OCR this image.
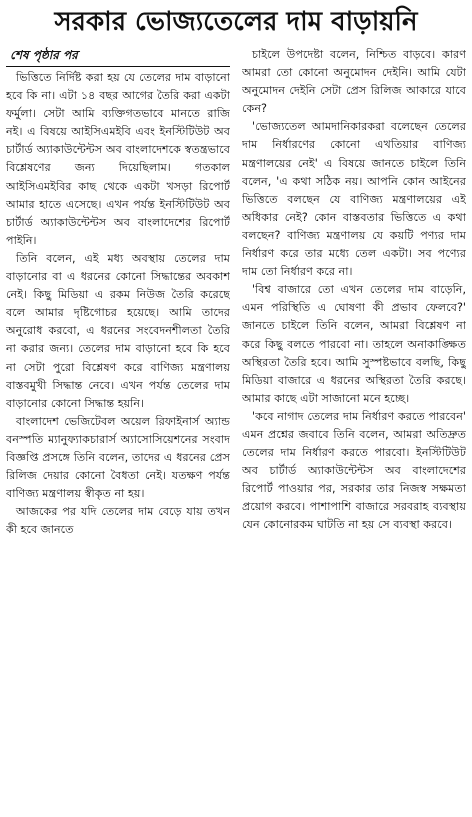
সরকার ভোজ্যতেলের দাম বাড়ায়নি
শেষ পৃষ্ঠার পর

ভিত্তিতে নির্দিষ্ট করা হয় যে তেলের দাম বাড়ানো হবে কি না। এটা ১৪ বছর আগের তৈরি করা একটা ফর্মুলা। সেটা আমি ব্যক্তিগতভাবে মানতে রাজি নই। এ বিষয়ে আইসিএমইবি এবং ইনস্টিটিউট অব চার্টার্ড অ্যাকাউন্টেন্টস অব বাংলাদেশকে স্বতন্ত্রভাবে বিশ্লেষণের জন্য দিয়েছিলাম। গতকাল আইসিএমইবির কাছ থেকে একটা খসড়া রিপোর্ট আমার হাতে এসেছে। এখন পর্যন্ত ইনস্টিটিউট অব চার্টার্ড অ্যাকাউন্টেন্টস অব বাংলাদেশের রিপোর্ট পাইনি।

তিনি বলেন, এই মধ্য অবস্থায় তেলের দাম বাড়ানোর বা এ ধরনের কোনো সিদ্ধান্তের অবকাশ নেই। কিছু মিডিয়া এ রকম নিউজ তৈরি করেছে বলে আমার দৃষ্টিগোচর হয়েছে। আমি তাদের অনুরোধ করবো, এ ধরনের সংবেদনশীলতা তৈরি না করার জন্য। তেলের দাম বাড়ানো হবে কি হবে না সেটা পুরো বিশ্লেষণ করে বাণিজ্য মন্ত্রণালয় বাস্তবমুখী সিদ্ধান্ত নেবে। এখন পর্যন্ত তেলের দাম বাড়ানোর কোনো সিদ্ধান্ত হয়নি।

বাংলাদেশ ভেজিটেবল অয়েল রিফাইনার্স অ্যান্ড বনস্পতি ম্যানুফ্যাকচারার্স অ্যাসোসিয়েশনের সংবাদ বিজ্ঞপ্তি প্রসঙ্গে তিনি বলেন, তাদের এ ধরনের প্রেস রিলিজ দেয়ার কোনো বৈধতা নেই। যতক্ষণ পর্যন্ত বাণিজ্য মন্ত্রণালয় স্বীকৃত না হয়।

আজকের পর যদি তেলের দাম বেড়ে যায় তখন কী হবে জানতে

চাইলে উপদেষ্টা বলেন, নিশ্চিত বাড়বে। কারণ আমরা তো কোনো অনুমোদন দেইনি। আমি যেটা অনুমোদন দেইনি সেটা প্রেস রিলিজ আকারে যাবে কেন?

'ভোজ্যতেল আমদানিকারকরা বলেছেন তেলের দাম নির্ধারণের কোনো এখতিয়ার বাণিজ্য মন্ত্রণালয়ের নেই' এ বিষয়ে জানতে চাইলে তিনি বলেন, 'এ কথা সঠিক নয়। আপনি কোন আইনের ভিত্তিতে বলছেন যে বাণিজ্য মন্ত্রণালয়ের এই অধিকার নেই? কোন বাস্তবতার ভিত্তিতে এ কথা বলছেন? বাণিজ্য মন্ত্রণালয় যে কয়টি পণ্যর দাম নির্ধারণ করে তার মধ্যে তেল একটা। সব পণ্যের দাম তো নির্ধারণ করে না।

'বিশ্ব বাজারে তো এখন তেলের দাম বাড়েনি, এমন পরিস্থিতি এ ঘোষণা কী প্রভাব ফেলবে?' জানতে চাইলে তিনি বলেন, আমরা বিশ্লেষণ না করে কিছু বলতে পারবো না। তাহলে অনাকাঙ্ক্ষিত অস্থিরতা তৈরি হবে। আমি সুস্পষ্টভাবে বলছি, কিছু মিডিয়া বাজারে এ ধরনের অস্থিরতা তৈরি করছে। আমার কাছে এটা সাজানো মনে হচ্ছে।

'কবে নাগাদ তেলের দাম নির্ধারণ করতে পারবেন' এমন প্রশ্নের জবাবে তিনি বলেন, আমরা অতিদ্রুত তেলের দাম নির্ধারণ করতে পারবো। ইনস্টিটিউট অব চার্টার্ড অ্যাকাউন্টেন্টস অব বাংলাদেশের রিপোর্ট পাওয়ার পর, সরকার তার নিজস্ব সক্ষমতা প্রয়োগ করবে। পাশাপাশি বাজারে সরবরাহ ব্যবস্থায় যেন কোনোরকম ঘাটতি না হয় সে ব্যবস্থা করবে।
